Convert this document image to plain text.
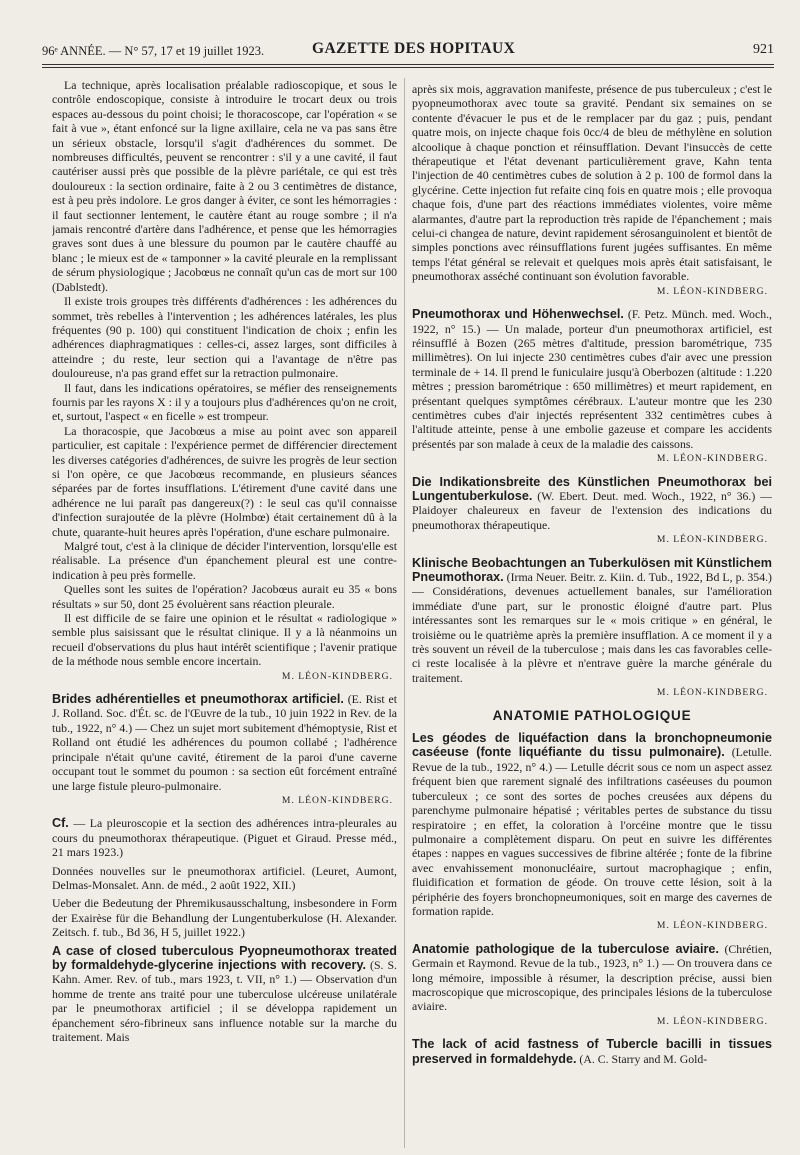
96ᵉ ANNÉE. — N° 57, 17 et 19 juillet 1923.	GAZETTE DES HOPITAUX	921

La technique, après localisation préalable radioscopique, et sous le contrôle endoscopique, consiste à introduire le trocart deux ou trois espaces au-dessous du point choisi; le thoracoscope, car l'opération « se fait à vue », étant enfoncé sur la ligne axillaire, cela ne va pas sans être un sérieux obstacle, lorsqu'il s'agit d'adhérences du sommet. De nombreuses difficultés, peuvent se rencontrer : s'il y a une cavité, il faut cautériser aussi près que possible de la plèvre pariétale, ce qui est très douloureux : la section ordinaire, faite à 2 ou 3 centimètres de distance, est à peu près indolore. Le gros danger à éviter, ce sont les hémorragies : il faut sectionner lentement, le cautère étant au rouge sombre ; il n'a jamais rencontré d'artère dans l'adhérence, et pense que les hémorragies graves sont dues à une blessure du poumon par le cautère chauffé au blanc ; le mieux est de « tamponner » la cavité pleurale en la remplissant de sérum physiologique ; Jacobœus ne connaît qu'un cas de mort sur 100 (Dablstedt).

Il existe trois groupes très différents d'adhérences : les adhérences du sommet, très rebelles à l'intervention ; les adhérences latérales, les plus fréquentes (90 p. 100) qui constituent l'indication de choix ; enfin les adhérences diaphragmatiques : celles-ci, assez larges, sont difficiles à atteindre ; du reste, leur section qui a l'avantage de n'être pas douloureuse, n'a pas grand effet sur la retraction pulmonaire.

Il faut, dans les indications opératoires, se méfier des renseignements fournis par les rayons X : il y a toujours plus d'adhérences qu'on ne croit, et, surtout, l'aspect « en ficelle » est trompeur.

La thoracospie, que Jacobœus a mise au point avec son appareil particulier, est capitale : l'expérience permet de différencier directement les diverses catégories d'adhérences, de suivre les progrès de leur section si l'on opère, ce que Jacobœus recommande, en plusieurs séances séparées par de fortes insufflations. L'étirement d'une cavité dans une adhérence ne lui paraît pas dangereux(?) : le seul cas qu'il connaisse d'infection surajoutée de la plèvre (Holmbœ) était certainement dû à la chute, quarante-huit heures après l'opération, d'une eschare pulmonaire.

Malgré tout, c'est à la clinique de décider l'intervention, lorsqu'elle est réalisable. La présence d'un épanchement pleural est une contre-indication à peu près formelle.

Quelles sont les suites de l'opération? Jacobœus aurait eu 35 « bons résultats » sur 50, dont 25 évoluèrent sans réaction pleurale.

Il est difficile de se faire une opinion et le résultat « radiologique » semble plus saisissant que le résultat clinique. Il y a là néanmoins un recueil d'observations du plus haut intérêt scientifique ; l'avenir pratique de la méthode nous semble encore incertain.

M. LÉON-KINDBERG.

Brides adhérentielles et pneumothorax artificiel. (E. Rist et J. Rolland. Soc. d'Ét. sc. de l'Œuvre de la tub., 10 juin 1922 in Rev. de la tub., 1922, n° 4.) — Chez un sujet mort subitement d'hémoptysie, Rist et Rolland ont étudié les adhérences du poumon collabé ; l'adhérence principale n'était qu'une cavité, étirement de la paroi d'une caverne occupant tout le sommet du poumon : sa section eût forcément entraîné une large fistule pleuro-pulmonaire.

M. LÉON-KINDBERG.

Cf. — La pleuroscopie et la section des adhérences intra-pleurales au cours du pneumothorax thérapeutique. (Piguet et Giraud. Presse méd., 21 mars 1923.)

Données nouvelles sur le pneumothorax artificiel. (Leuret, Aumont, Delmas-Monsalet. Ann. de méd., 2 août 1922, XII.)

Ueber die Bedeutung der Phremikusausschaltung, insbesondere in Form der Exairèse für die Behandlung der Lungentuberkulose (H. Alexander. Zeitsch. f. tub., Bd 36, H 5, juillet 1922.)

A case of closed tuberculous Pyopneumothorax treated by formaldehyde-glycerine injections with recovery. (S. S. Kahn. Amer. Rev. of tub., mars 1923, t. VII, n° 1.) — Observation d'un homme de trente ans traité pour une tuberculose ulcéreuse unilatérale par le pneumothorax artificiel ; il se développa rapidement un épanchement séro-fibrineux sans influence notable sur la marche du traitement. Mais

après six mois, aggravation manifeste, présence de pus tuberculeux ; c'est le pyopneumothorax avec toute sa gravité. Pendant six semaines on se contente d'évacuer le pus et de le remplacer par du gaz ; puis, pendant quatre mois, on injecte chaque fois 0cc/4 de bleu de méthylène en solution alcoolique à chaque ponction et réinsufflation. Devant l'insuccès de cette thérapeutique et l'état devenant particulièrement grave, Kahn tenta l'injection de 40 centimètres cubes de solution à 2 p. 100 de formol dans la glycérine. Cette injection fut refaite cinq fois en quatre mois ; elle provoqua chaque fois, d'une part des réactions immédiates violentes, voire même alarmantes, d'autre part la reproduction très rapide de l'épanchement ; mais celui-ci changea de nature, devint rapidement sérosanguinolent et bientôt de simples ponctions avec réinsufflations furent jugées suffisantes. En même temps l'état général se relevait et quelques mois après était satisfaisant, le pneumothorax asséché continuant son évolution favorable.

M. LÉON-KINDBERG.

Pneumothorax und Höhenwechsel. (F. Petz. Münch. med. Woch., 1922, n° 15.) — Un malade, porteur d'un pneumothorax artificiel, est réinsufflé à Bozen (265 mètres d'altitude, pression barométrique, 735 millimètres). On lui injecte 230 centimètres cubes d'air avec une pression terminale de + 14. Il prend le funiculaire jusqu'à Oberbozen (altitude : 1.220 mètres ; pression barométrique : 650 millimètres) et meurt rapidement, en présentant quelques symptômes cérébraux. L'auteur montre que les 230 centimètres cubes d'air injectés représentent 332 centimètres cubes à l'altitude atteinte, pense à une embolie gazeuse et compare les accidents présentés par son malade à ceux de la maladie des caissons.

M. LÉON-KINDBERG.

Die Indikationsbreite des Künstlichen Pneumothorax bei Lungentuberkulose. (W. Ebert. Deut. med. Woch., 1922, n° 36.) — Plaidoyer chaleureux en faveur de l'extension des indications du pneumothorax thérapeutique.

M. LÉON-KINDBERG.

Klinische Beobachtungen an Tuberkulösen mit Künstlichem Pneumothorax. (Irma Neuer. Beitr. z. Kiin. d. Tub., 1922, Bd L, p. 354.) — Considérations, devenues actuellement banales, sur l'amélioration immédiate d'une part, sur le pronostic éloigné d'autre part. Plus intéressantes sont les remarques sur le « mois critique » en général, le troisième ou le quatrième après la première insufflation. A ce moment il y a très souvent un réveil de la tuberculose ; mais dans les cas favorables celle-ci reste localisée à la plèvre et n'entrave guère la marche générale du traitement.

M. LÉON-KINDBERG.

ANATOMIE PATHOLOGIQUE

Les géodes de liquéfaction dans la bronchopneumonie caséeuse (fonte liquéfiante du tissu pulmonaire). (Letulle. Revue de la tub., 1922, n° 4.) — Letulle décrit sous ce nom un aspect assez fréquent bien que rarement signalé des infiltrations caséeuses du poumon tuberculeux ; ce sont des sortes de poches creusées aux dépens du parenchyme pulmonaire hépatisé ; véritables pertes de substance du tissu respiratoire ; en effet, la coloration à l'orcéine montre que le tissu pulmonaire a complètement disparu. On peut en suivre les différentes étapes : nappes en vagues successives de fibrine altérée ; fonte de la fibrine avec envahissement mononucléaire, surtout macrophagique ; enfin, fluidification et formation de géode. On trouve cette lésion, soit à la périphérie des foyers bronchopneumoniques, soit en marge des cavernes de formation rapide.

M. LÉON-KINDBERG.

Anatomie pathologique de la tuberculose aviaire. (Chrétien, Germain et Raymond. Revue de la tub., 1923, n° 1.) — On trouvera dans ce long mémoire, impossible à résumer, la description précise, aussi bien macroscopique que microscopique, des principales lésions de la tuberculose aviaire.

M. LÉON-KINDBERG.

The lack of acid fastness of Tubercle bacilli in tissues preserved in formaldehyde. (A. C. Starry and M. Gold-
